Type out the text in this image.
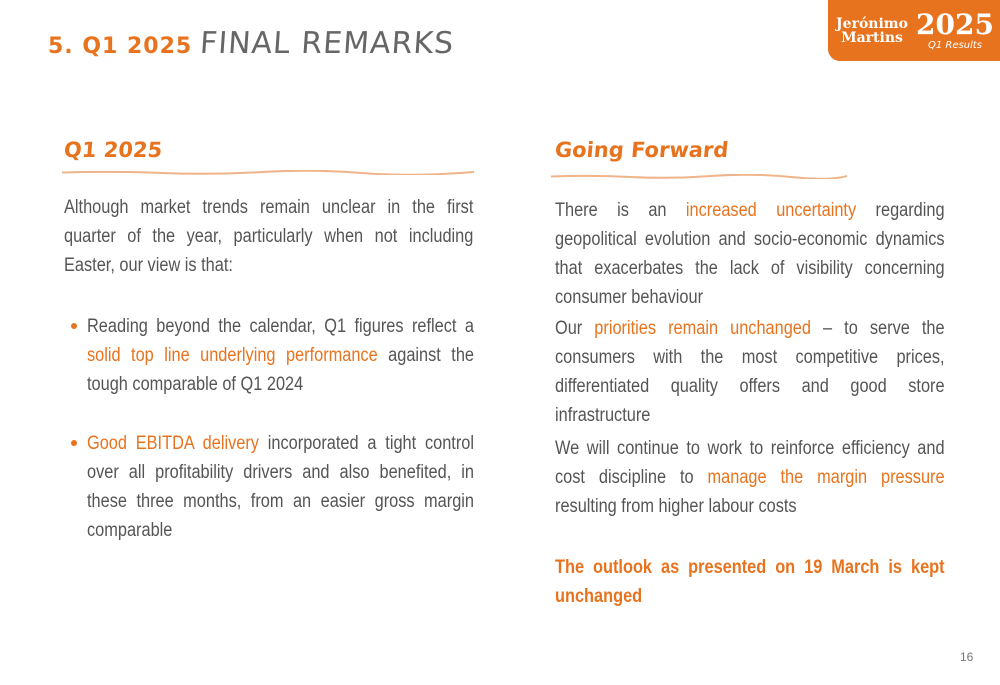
5. Q1 2025 FINAL REMARKS
Jerónimo
Martins 2025
Q1 Results
Q1 2025
Although market trends remain unclear in the first quarter of the year, particularly when not including Easter, our view is that:
Reading beyond the calendar, Q1 figures reflect a solid top line underlying performance against the tough comparable of Q1 2024
Good EBITDA delivery incorporated a tight control over all profitability drivers and also benefited, in these three months, from an easier gross margin comparable
Going Forward
There is an increased uncertainty regarding geopolitical evolution and socio-economic dynamics that exacerbates the lack of visibility concerning consumer behaviour
Our priorities remain unchanged – to serve the consumers with the most competitive prices, differentiated quality offers and good store infrastructure
We will continue to work to reinforce efficiency and cost discipline to manage the margin pressure resulting from higher labour costs
The outlook as presented on 19 March is kept unchanged
16
